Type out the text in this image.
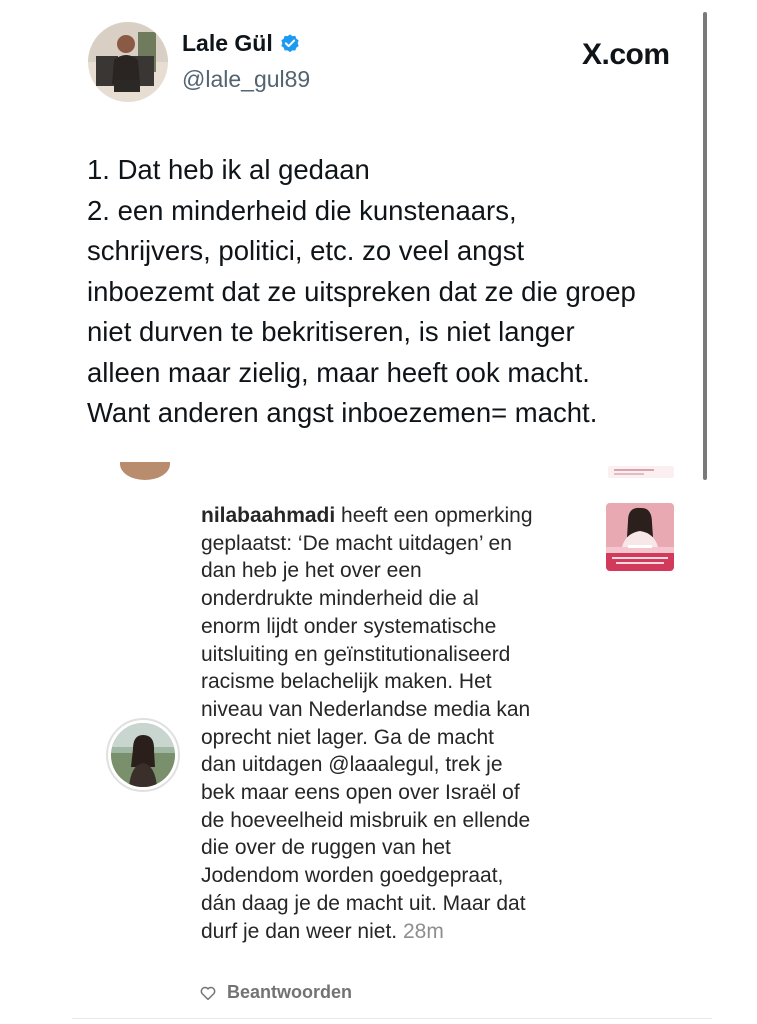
Lale Gül
@lale_gul89
X.com
1. Dat heb ik al gedaan
2. een minderheid die kunstenaars,
schrijvers, politici, etc. zo veel angst
inboezemt dat ze uitspreken dat ze die groep
niet durven te bekritiseren, is niet langer
alleen maar zielig, maar heeft ook macht.
Want anderen angst inboezemen= macht.
nilabaahmadi heeft een opmerking
geplaatst: ‘De macht uitdagen’ en
dan heb je het over een
onderdrukte minderheid die al
enorm lijdt onder systematische
uitsluiting en geïnstitutionaliseerd
racisme belachelijk maken. Het
niveau van Nederlandse media kan
oprecht niet lager. Ga de macht
dan uitdagen @laaalegul, trek je
bek maar eens open over Israël of
de hoeveelheid misbruik en ellende
die over de ruggen van het
Jodendom worden goedgepraat,
dán daag je de macht uit. Maar dat
durf je dan weer niet. 28m
Beantwoorden
